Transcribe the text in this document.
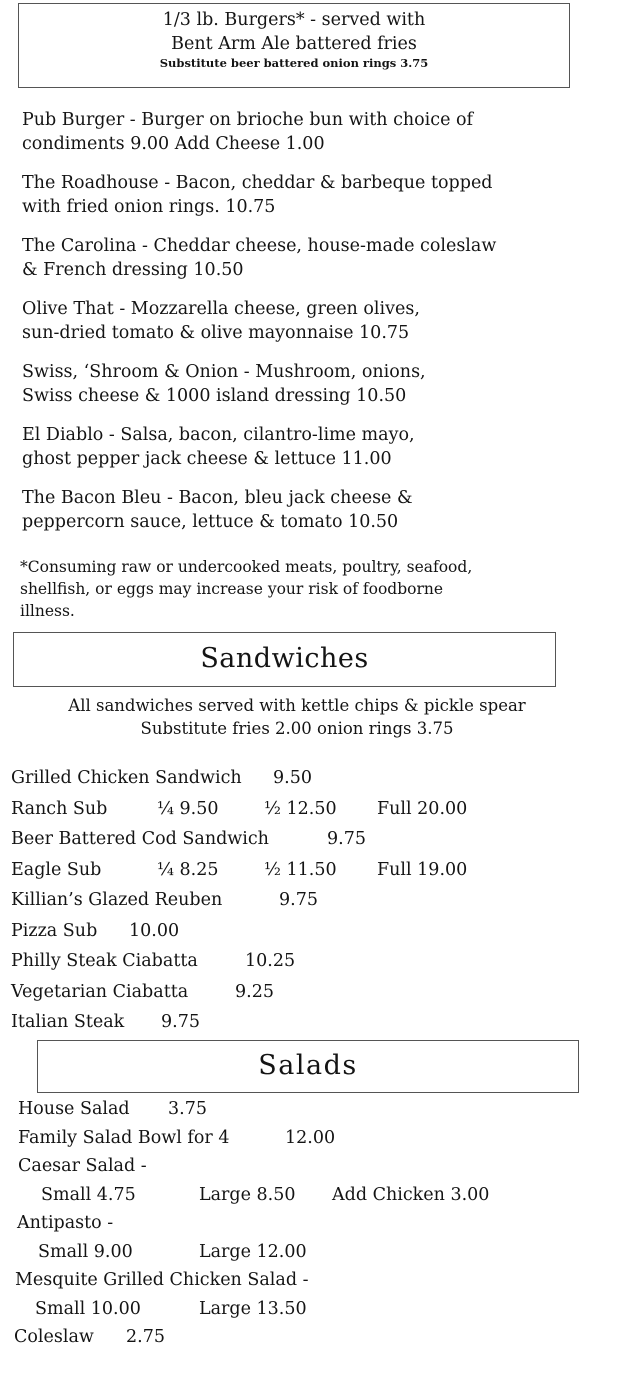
1/3 lb. Burgers* - served with
Bent Arm Ale battered fries
Substitute beer battered onion rings 3.75
Pub Burger - Burger on brioche bun with choice of
condiments 9.00 Add Cheese 1.00
The Roadhouse - Bacon, cheddar & barbeque topped
with fried onion rings. 10.75
The Carolina - Cheddar cheese, house-made coleslaw
& French dressing 10.50
Olive That - Mozzarella cheese, green olives,
sun-dried tomato & olive mayonnaise 10.75
Swiss, ‘Shroom & Onion - Mushroom, onions,
Swiss cheese & 1000 island dressing 10.50
El Diablo - Salsa, bacon, cilantro-lime mayo,
ghost pepper jack cheese & lettuce 11.00
The Bacon Bleu - Bacon, bleu jack cheese &
peppercorn sauce, lettuce & tomato 10.50
*Consuming raw or undercooked meats, poultry, seafood,
shellfish, or eggs may increase your risk of foodborne
illness.
Sandwiches
All sandwiches served with kettle chips & pickle spear
Substitute fries 2.00 onion rings 3.75
Grilled Chicken Sandwich 9.50
Ranch Sub	¼ 9.50	½ 12.50 Full 20.00
Beer Battered Cod Sandwich	9.75
Eagle Sub	¼ 8.25	½ 11.50 Full 19.00
Killian’s Glazed Reuben	9.75
Pizza Sub 10.00
Philly Steak Ciabatta	10.25
Vegetarian Ciabatta	9.25
Italian Steak 9.75
Salads
House Salad 3.75
Family Salad Bowl for 4	12.00
Caesar Salad -
Small 4.75	Large 8.50 Add Chicken 3.00
Antipasto -
Small 9.00	Large 12.00
Mesquite Grilled Chicken Salad -
Small 10.00	Large 13.50
Coleslaw 2.75
